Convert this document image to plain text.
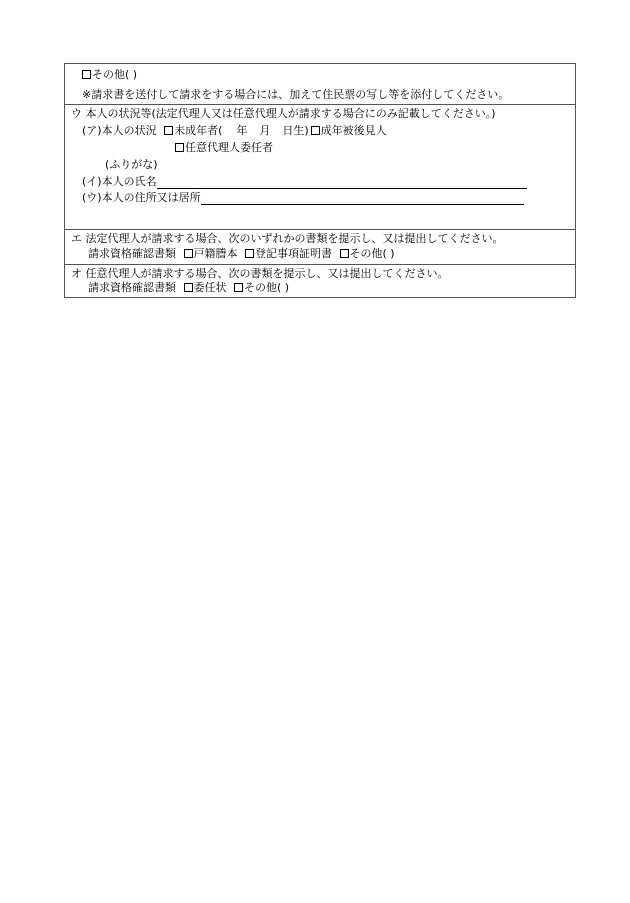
その他( )
※請求書を送付して請求をする場合には、加えて住民票の写し等を添付してください。
ウ 本人の状況等(法定代理人又は任意代理人が請求する場合にのみ記載してください。)
(ア)本人の状況 未成年者( 年 月 日生) 成年被後見人
任意代理人委任者
(ふりがな)
(イ)本人の氏名
(ウ)本人の住所又は居所
エ 法定代理人が請求する場合、次のいずれかの書類を提示し、又は提出してください。
請求資格確認書類 戸籍謄本 登記事項証明書 その他( )
オ 任意代理人が請求する場合、次の書類を提示し、又は提出してください。
請求資格確認書類 委任状 その他( )
